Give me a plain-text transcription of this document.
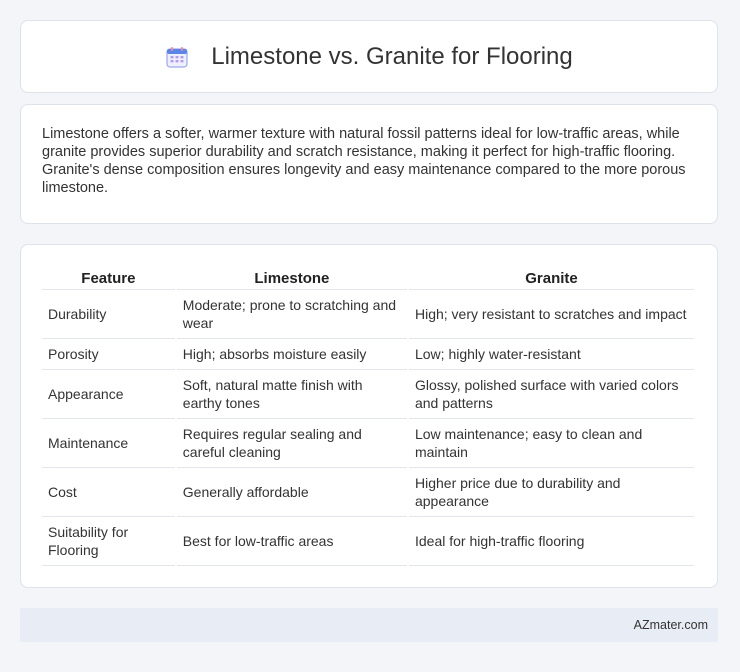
Limestone vs. Granite for Flooring

Limestone offers a softer, warmer texture with natural fossil patterns ideal for low-traffic areas, while granite provides superior durability and scratch resistance, making it perfect for high-traffic flooring. Granite's dense composition ensures longevity and easy maintenance compared to the more porous limestone.

Feature	Limestone	Granite
Durability	Moderate; prone to scratching and wear	High; very resistant to scratches and impact
Porosity	High; absorbs moisture easily	Low; highly water-resistant
Appearance	Soft, natural matte finish with earthy tones	Glossy, polished surface with varied colors and patterns
Maintenance	Requires regular sealing and careful cleaning	Low maintenance; easy to clean and maintain
Cost	Generally affordable	Higher price due to durability and appearance
Suitability for Flooring	Best for low-traffic areas	Ideal for high-traffic flooring
AZmater.com
